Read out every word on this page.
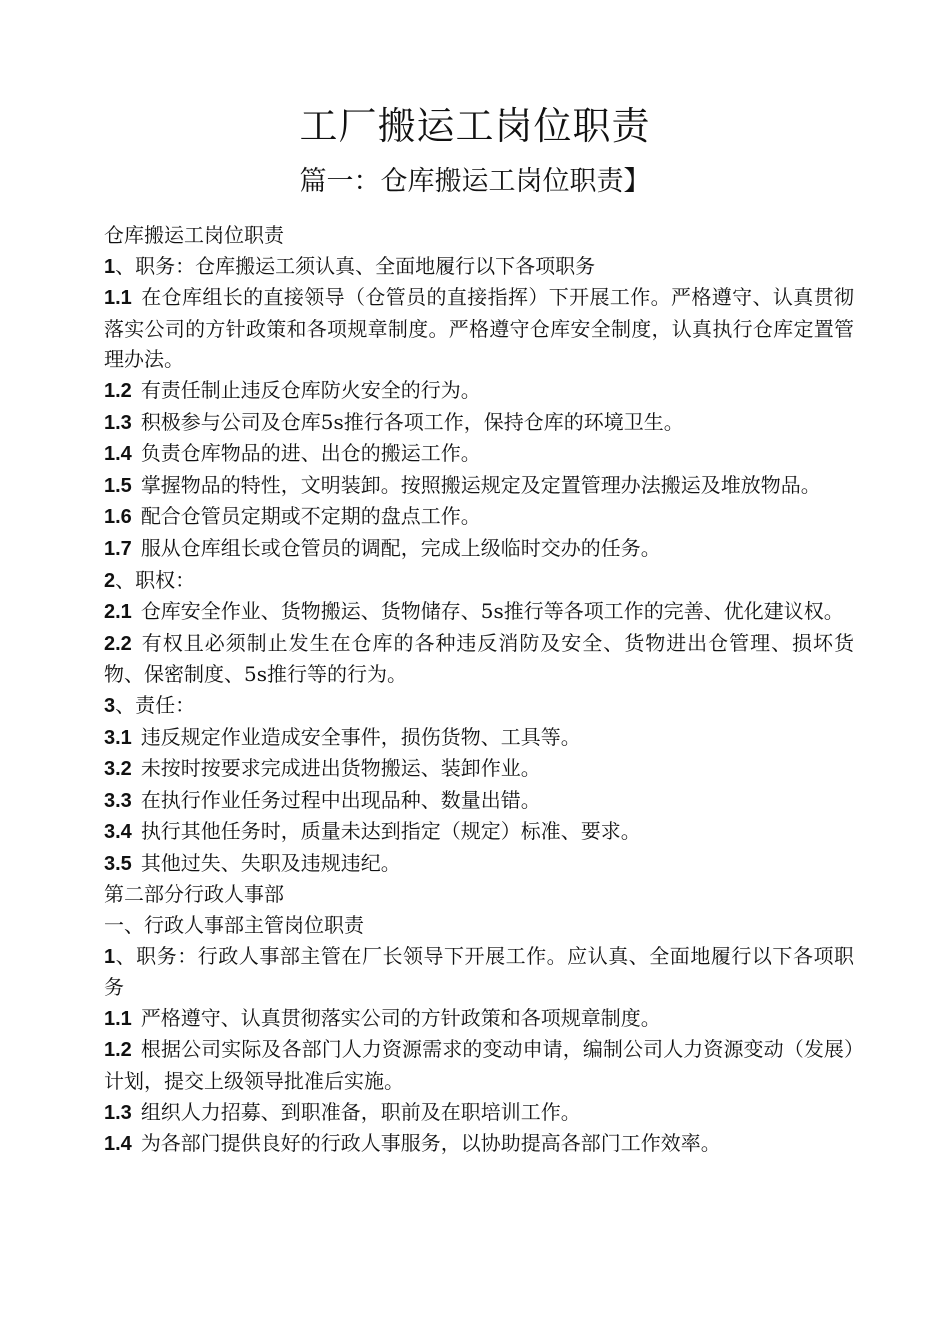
工厂搬运工岗位职责
篇一：仓库搬运工岗位职责】

仓库搬运工岗位职责

1、职务：仓库搬运工须认真、全面地履行以下各项职务

1.1 在仓库组长的直接领导（仓管员的直接指挥）下开展工作。严格遵守、认真贯彻落实公司的方针政策和各项规章制度。严格遵守仓库安全制度，认真执行仓库定置管理办法。

1.2 有责任制止违反仓库防火安全的行为。

1.3 积极参与公司及仓库5s推行各项工作，保持仓库的环境卫生。

1.4 负责仓库物品的进、出仓的搬运工作。

1.5 掌握物品的特性，文明装卸。按照搬运规定及定置管理办法搬运及堆放物品。

1.6 配合仓管员定期或不定期的盘点工作。

1.7 服从仓库组长或仓管员的调配，完成上级临时交办的任务。

2、职权：

2.1 仓库安全作业、货物搬运、货物储存、5s推行等各项工作的完善、优化建议权。

2.2 有权且必须制止发生在仓库的各种违反消防及安全、货物进出仓管理、损坏货物、保密制度、5s推行等的行为。

3、责任：

3.1 违反规定作业造成安全事件，损伤货物、工具等。

3.2 未按时按要求完成进出货物搬运、装卸作业。

3.3 在执行作业任务过程中出现品种、数量出错。

3.4 执行其他任务时，质量未达到指定（规定）标准、要求。

3.5 其他过失、失职及违规违纪。

第二部分行政人事部

一、行政人事部主管岗位职责

1、职务：行政人事部主管在厂长领导下开展工作。应认真、全面地履行以下各项职务

1.1 严格遵守、认真贯彻落实公司的方针政策和各项规章制度。

1.2 根据公司实际及各部门人力资源需求的变动申请，编制公司人力资源变动（发展）计划，提交上级领导批准后实施。

1.3 组织人力招募、到职准备，职前及在职培训工作。

1.4 为各部门提供良好的行政人事服务，以协助提高各部门工作效率。
